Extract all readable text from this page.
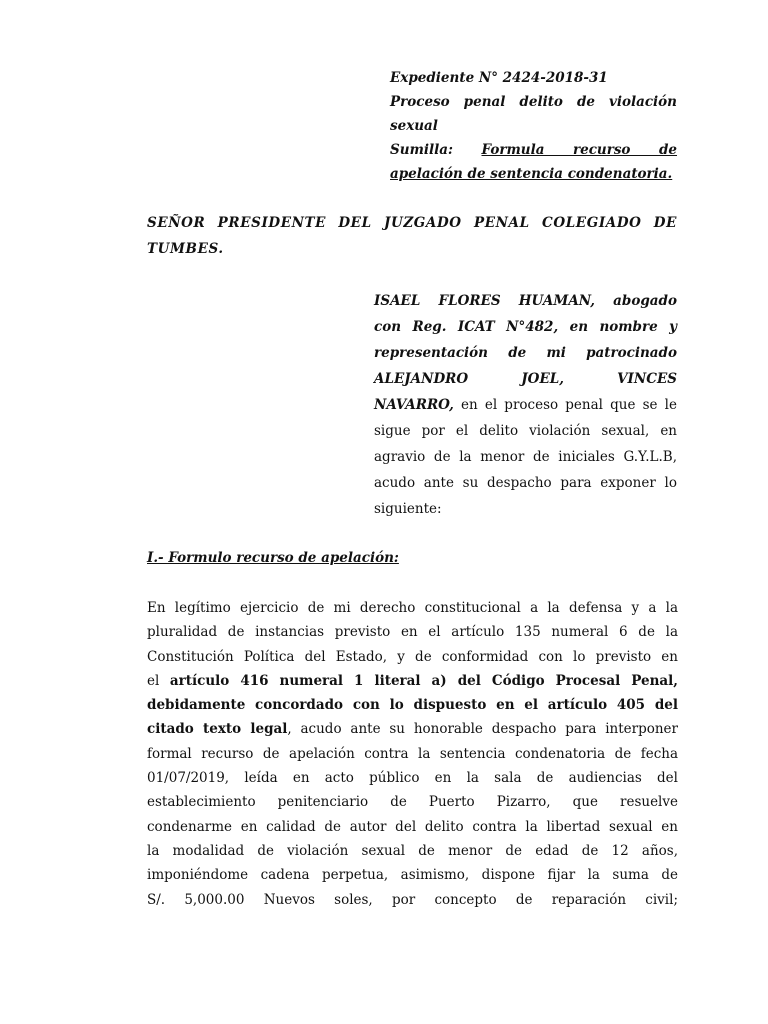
Expediente N° 2424-2018-31
Proceso penal delito de violación
sexual
Sumilla: Formula recurso de
apelación de sentencia condenatoria.
SEÑOR PRESIDENTE DEL JUZGADO PENAL COLEGIADO DE
TUMBES.
ISAEL FLORES HUAMAN, abogado
con Reg. ICAT N°482, en nombre y
representación de mi patrocinado
ALEJANDRO JOEL, VINCES
NAVARRO, en el proceso penal que se le
sigue por el delito violación sexual, en
agravio de la menor de iniciales G.Y.L.B,
acudo ante su despacho para exponer lo
siguiente:
I.- Formulo recurso de apelación:
En legítimo ejercicio de mi derecho constitucional a la defensa y a la
pluralidad de instancias previsto en el artículo 135 numeral 6 de la
Constitución Política del Estado, y de conformidad con lo previsto en
el artículo 416 numeral 1 literal a) del Código Procesal Penal,
debidamente concordado con lo dispuesto en el artículo 405 del
citado texto legal, acudo ante su honorable despacho para interponer
formal recurso de apelación contra la sentencia condenatoria de fecha
01/07/2019, leída en acto público en la sala de audiencias del
establecimiento penitenciario de Puerto Pizarro, que resuelve
condenarme en calidad de autor del delito contra la libertad sexual en
la modalidad de violación sexual de menor de edad de 12 años,
imponiéndome cadena perpetua, asimismo, dispone fijar la suma de
S/. 5,000.00 Nuevos soles, por concepto de reparación civil;
